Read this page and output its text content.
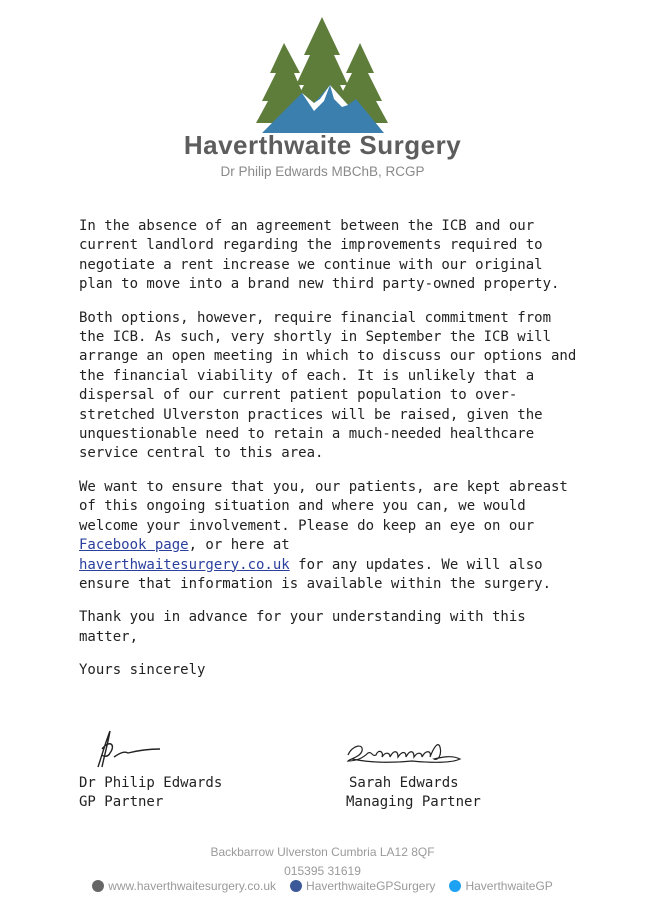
Haverthwaite Surgery
Dr Philip Edwards MBChB, RCGP

In the absence of an agreement between the ICB and our current landlord regarding the improvements required to negotiate a rent increase we continue with our original plan to move into a brand new third party-owned property.

Both options, however, require financial commitment from the ICB. As such, very shortly in September the ICB will arrange an open meeting in which to discuss our options and the financial viability of each. It is unlikely that a dispersal of our current patient population to over-stretched Ulverston practices will be raised, given the unquestionable need to retain a much-needed healthcare service central to this area.

We want to ensure that you, our patients, are kept abreast of this ongoing situation and where you can, we would welcome your involvement. Please do keep an eye on our Facebook page, or here at
haverthwaitesurgery.co.uk for any updates. We will also ensure that information is available within the surgery.

Thank you in advance for your understanding with this matter,

Yours sincerely

Dr Philip Edwards
GP Partner
Sarah Edwards
Managing Partner
Backbarrow Ulverston Cumbria LA12 8QF
015395 31619
www.haverthwaitesurgery.co.uk	HaverthwaiteGPSurgery	HaverthwaiteGP
